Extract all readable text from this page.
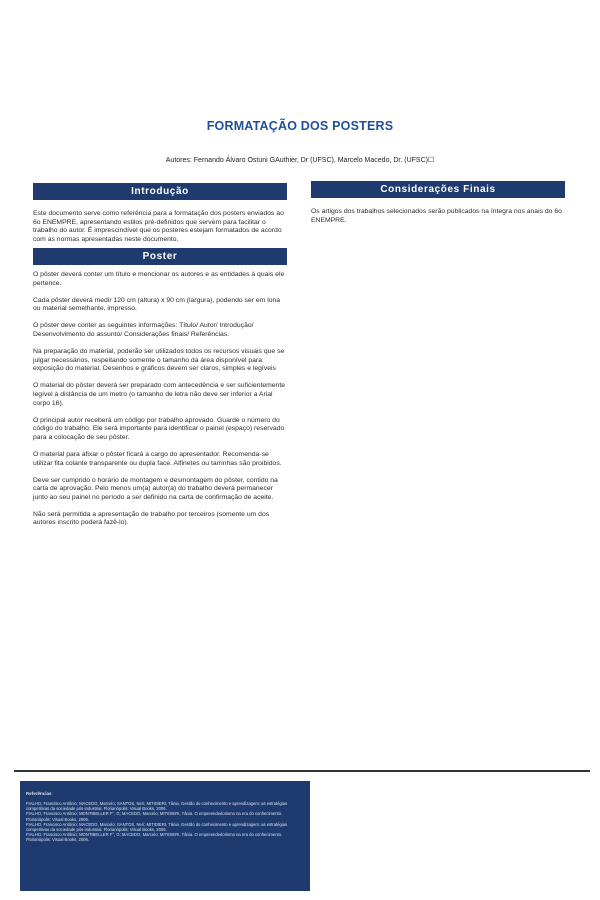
FORMATAÇÃO DOS POSTERS
Autores: Fernando Álvaro Ostuni GAuthier, Dr (UFSC), Marcelo Macedo, Dr. (UFSC)☐
Introdução
Este documento serve como referência para a formatação dos posters enviados ao 6o ENEMPRE, apresentando estilos pré-definidos que servem para facilitar o trabalho do autor. É imprescindível que os posteres estejam formatados de acordo com as normas apresentadas neste documento.
Poster

O pôster deverá conter um título e mencionar os autores e as entidades à quais ele pertence.

Cada pôster deverá medir 120 cm (altura) x 90 cm (largura), podendo ser em lona ou material semelhante, impresso.

O pôster deve conter as seguintes informações: Título/ Autor/ Introdução/ Desenvolvimento do assunto/ Considerações finais/ Referências.

Na preparação do material, poderão ser utilizados todos os recursos visuais que se julgar necessários, respeitando somente o tamanho da área disponível para exposição do material. Desenhos e gráficos devem ser claros, simples e legíveis

O material do pôster deverá ser preparado com antecedência e ser suficientemente legível à distância de um metro (o tamanho de letra não deve ser inferior a Arial corpo 16).

O principal autor receberá um código por trabalho aprovado. Guarde o número do código do trabalho. Ele será importante para identificar o painel (espaço) reservado para a colocação de seu pôster.

O material para afixar o pôster ficará a cargo do apresentador. Recomenda-se utilizar fita colante transparente ou dupla face. Alfinetes ou tarrinhas são proibidos.

Deve ser cumprido o horário de montagem e desmontagem do pôster, contido na carta de aprovação. Pelo menos um(a) autor(a) do trabalho deverá permanecer junto ao seu painel no período a ser definido na carta de confirmação de aceite.

Não será permitida a apresentação de trabalho por terceiros (somente um dos autores inscrito poderá fazê-lo).

Considerações Finais
Os artigos dos trabalhos selecionados serão publicados na íntegra nos anais do 6o ENEMPRE.
Referências
FIALHO, Francisco Antônio; MACEDO, Marcelo; SANTOS, Neri; MITIDIERI, Tânia. Gestão do conhecimento e aprendizagem: as estratégias competitivas da sociedade pós-industrial. Florianópolis: Visual Books, 2006.
FIALHO, Francisco Antônio; MONTIBELLER F°, G; MACEDO, Marcelo; MITIDIERI, Tânia. O empreendedorismo na era do conhecimento. Florianópolis: Visual Books, 2006.
FIALHO, Francisco Antônio; MACEDO, Marcelo; SANTOS, Neri; MITIDIERI, Tânia. Gestão do conhecimento e aprendizagem: as estratégias competitivas da sociedade pós-industrial. Florianópolis: Visual Books, 2006.
FIALHO, Francisco Antônio; MONTIBELLER F°, G; MACEDO, Marcelo; MITIDIERI, Tânia. O empreendedorismo na era do conhecimento. Florianópolis: Visual Books, 2006.
